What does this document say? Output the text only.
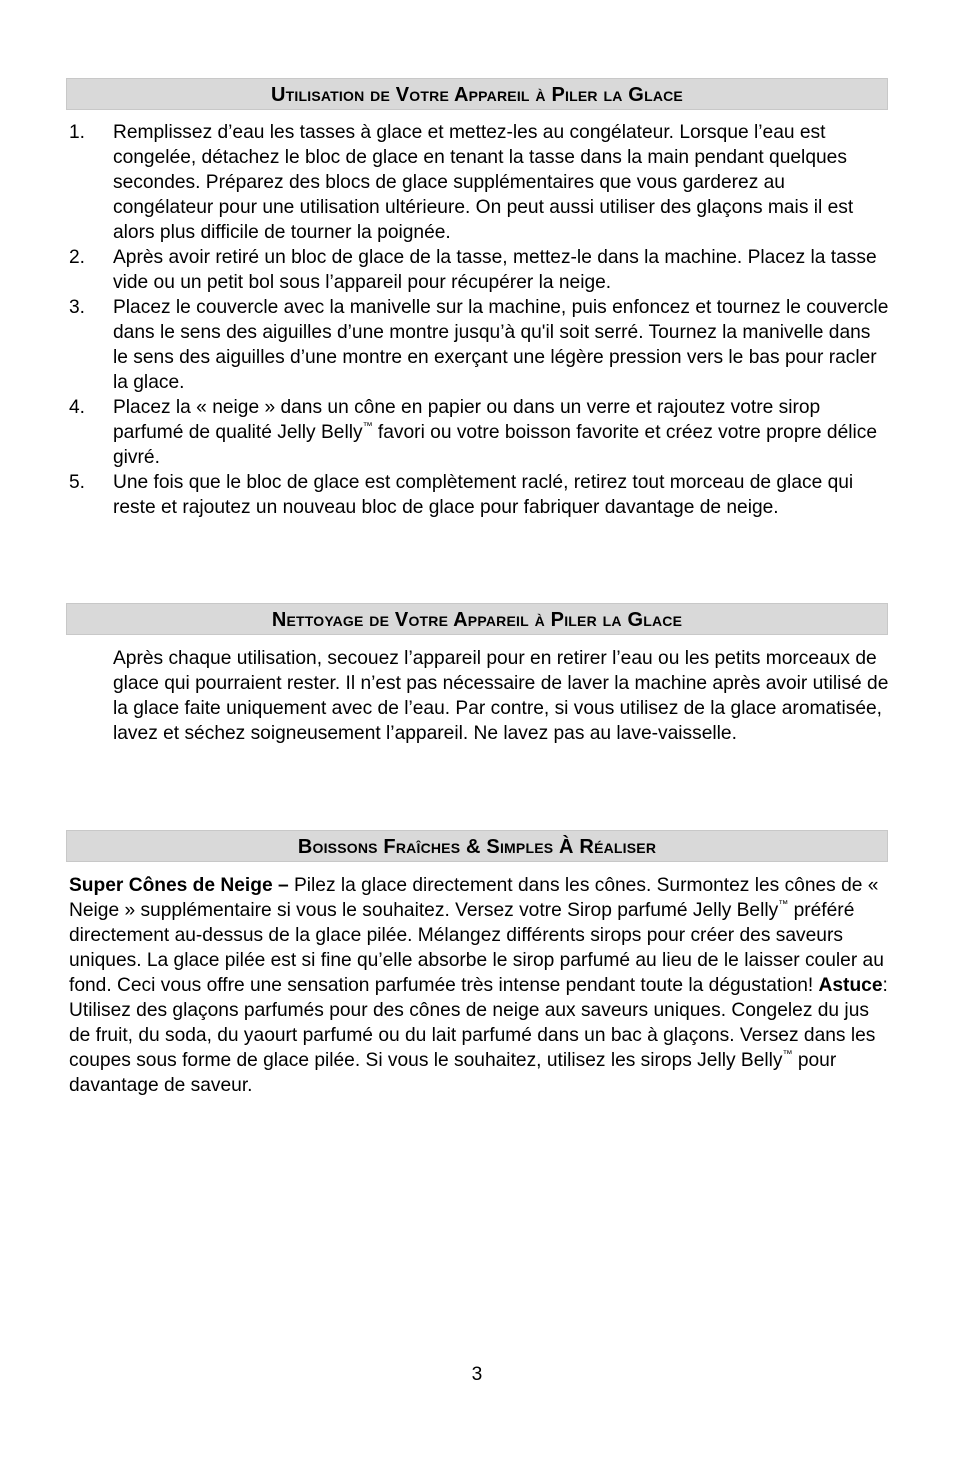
Utilisation de Votre Appareil à Piler la Glace
1. Remplissez d’eau les tasses à glace et mettez-les au congélateur. Lorsque l’eau est congelée, détachez le bloc de glace en tenant la tasse dans la main pendant quelques secondes. Préparez des blocs de glace supplémentaires que vous garderez au congélateur pour une utilisation ultérieure. On peut aussi utiliser des glaçons mais il est alors plus difficile de tourner la poignée.
2. Après avoir retiré un bloc de glace de la tasse, mettez-le dans la machine. Placez la tasse vide ou un petit bol sous l’appareil pour récupérer la neige.
3. Placez le couvercle avec la manivelle sur la machine, puis enfoncez et tournez le couvercle dans le sens des aiguilles d’une montre jusqu’à qu'il soit serré. Tournez la manivelle dans le sens des aiguilles d’une montre en exerçant une légère pression vers le bas pour racler la glace.
4. Placez la « neige » dans un cône en papier ou dans un verre et rajoutez votre sirop parfumé de qualité Jelly Belly™ favori ou votre boisson favorite et créez votre propre délice givré.
5. Une fois que le bloc de glace est complètement raclé, retirez tout morceau de glace qui reste et rajoutez un nouveau bloc de glace pour fabriquer davantage de neige.
Nettoyage de Votre Appareil à Piler la Glace
Après chaque utilisation, secouez l’appareil pour en retirer l’eau ou les petits morceaux de glace qui pourraient rester. Il n’est pas nécessaire de laver la machine après avoir utilisé de la glace faite uniquement avec de l’eau. Par contre, si vous utilisez de la glace aromatisée, lavez et séchez soigneusement l’appareil. Ne lavez pas au lave-vaisselle.
Boissons Fraîches & Simples À Réaliser
Super Cônes de Neige – Pilez la glace directement dans les cônes. Surmontez les cônes de « Neige » supplémentaire si vous le souhaitez. Versez votre Sirop parfumé Jelly Belly™ préféré directement au-dessus de la glace pilée. Mélangez différents sirops pour créer des saveurs uniques. La glace pilée est si fine qu’elle absorbe le sirop parfumé au lieu de le laisser couler au fond. Ceci vous offre une sensation parfumée très intense pendant toute la dégustation! Astuce: Utilisez des glaçons parfumés pour des cônes de neige aux saveurs uniques. Congelez du jus de fruit, du soda, du yaourt parfumé ou du lait parfumé dans un bac à glaçons. Versez dans les coupes sous forme de glace pilée. Si vous le souhaitez, utilisez les sirops Jelly Belly™ pour davantage de saveur.
3
